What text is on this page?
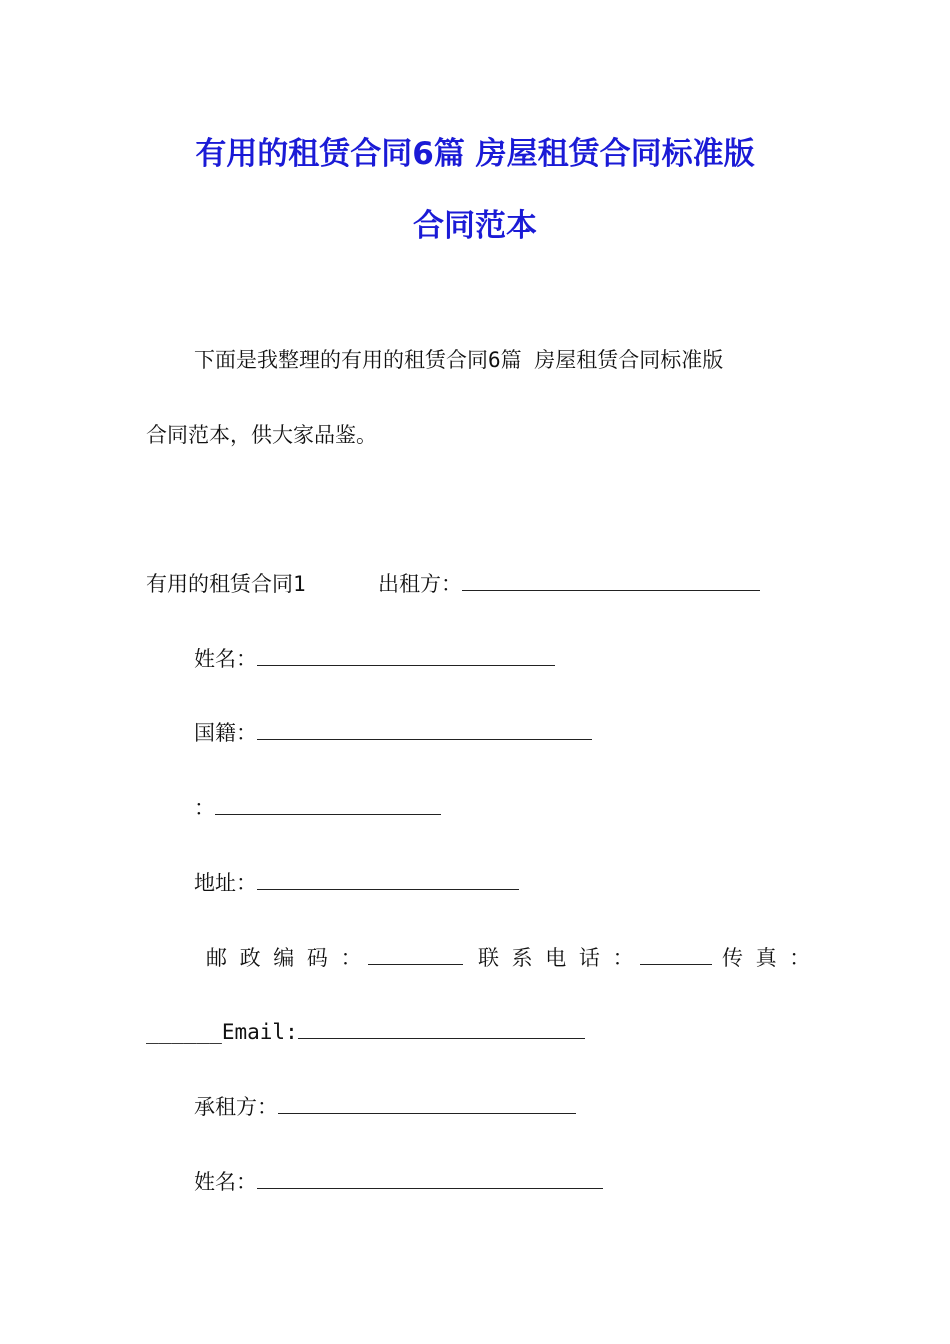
有用的租赁合同6篇 房屋租赁合同标准版
合同范本
下面是我整理的有用的租赁合同6篇 房屋租赁合同标准版
合同范本，供大家品鉴。
有用的租赁合同1	出租方：
姓名：
国籍：
：
地址：
邮 政 编 码 ：	联 系 电 话 ：	传 真 ：
______Email:
承租方：
姓名：
